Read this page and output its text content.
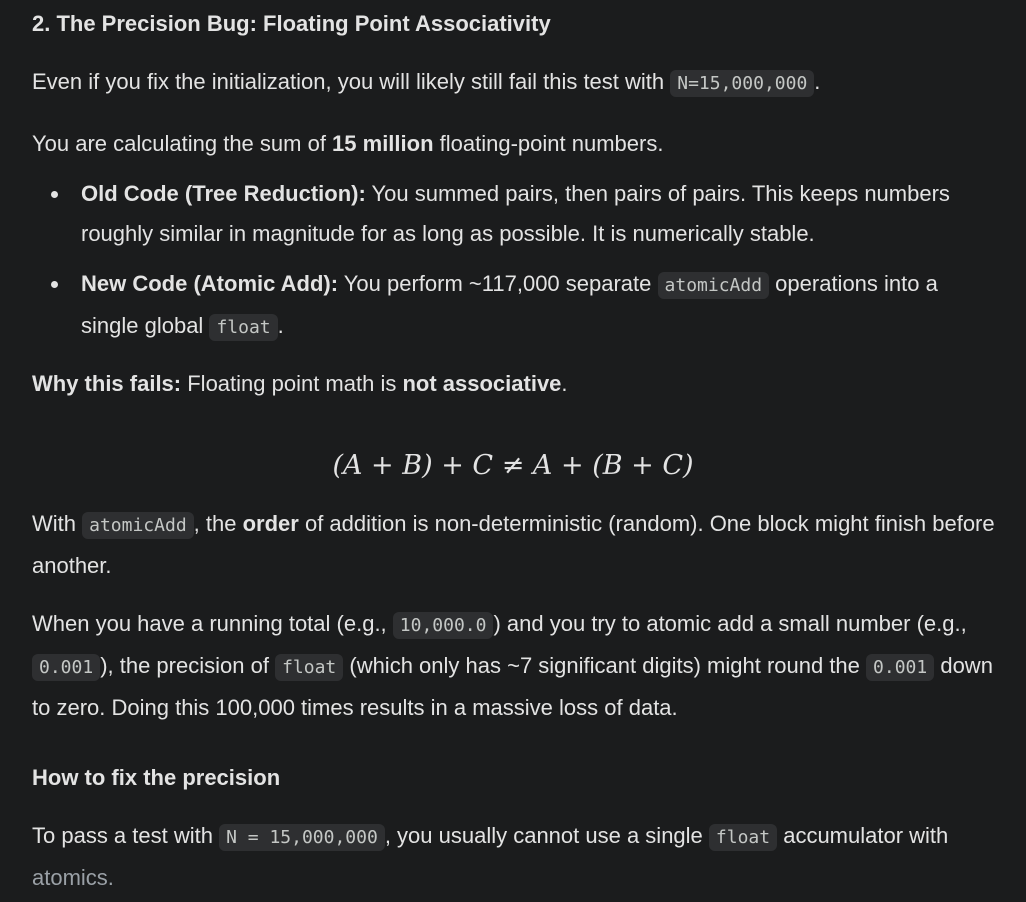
2. The Precision Bug: Floating Point Associativity

Even if you fix the initialization, you will likely still fail this test with N=15,000,000 .

You are calculating the sum of 15 million floating-point numbers.

Old Code (Tree Reduction): You summed pairs, then pairs of pairs. This keeps numbers roughly similar in magnitude for as long as possible. It is numerically stable.
New Code (Atomic Add): You perform ~117,000 separate atomicAdd operations into a single global float .

Why this fails: Floating point math is not associative.

(A + B) + C ≠ A + (B + C)

With atomicAdd , the order of addition is non-deterministic (random). One block might finish before another.

When you have a running total (e.g., 10,000.0 ) and you try to atomic add a small number (e.g., 0.001 ), the precision of float (which only has ~7 significant digits) might round the 0.001 down to zero. Doing this 100,000 times results in a massive loss of data.

How to fix the precision

To pass a test with N = 15,000,000 , you usually cannot use a single float accumulator with
atomics.
